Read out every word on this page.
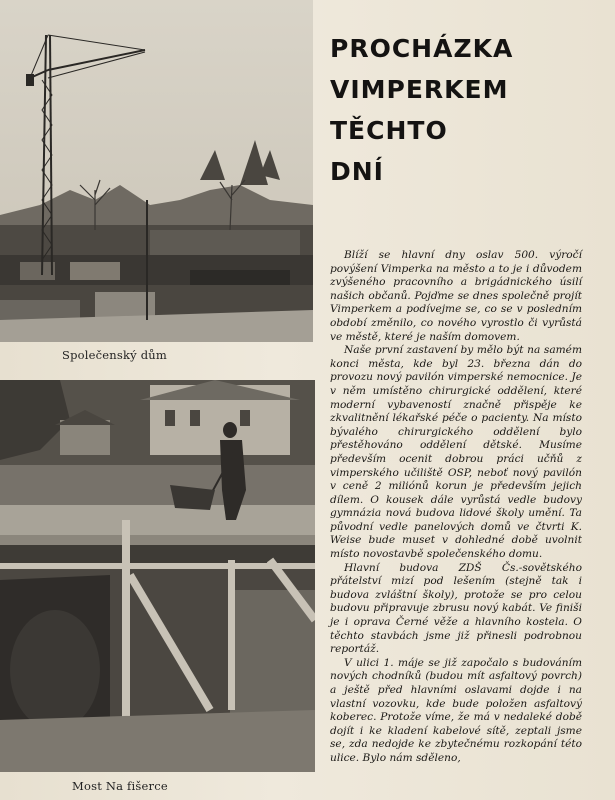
Společenský dům
Most Na fišerce
PROCHÁZKA
VIMPERKEM
TĚCHTO
DNÍ

Blíží se hlavní dny oslav 500. výročí povýšení Vimperka na město a to je i důvodem zvýšeného pracovního a brigádnického úsilí našich občanů. Pojďme se dnes společně projít Vimperkem a podívejme se, co se v posledním období změnilo, co nového vyrostlo či vyrůstá ve městě, které je naším domovem.

Naše první zastavení by mělo být na samém konci města, kde byl 23. března dán do provozu nový pavilón vimperské nemocnice. Je v něm umístěno chirurgické oddělení, které moderní vybaveností značně přispěje ke zkvalitnění lékařské péče o pacienty. Na místo bývalého chirurgického oddělení bylo přestěhováno oddělení dětské. Musíme především ocenit dobrou práci učňů z vimperského učiliště OSP, neboť nový pavilón v ceně 2 miliónů korun je především jejich dílem. O kousek dále vyrůstá vedle budovy gymnázia nová budova lidové školy umění. Ta původní vedle panelových domů ve čtvrti K. Weise bude muset v dohledné době uvolnit místo novostavbě společenského domu.

Hlavní budova ZDŠ Čs.-sovětského přátelství mizí pod lešením (stejně tak i budova zvláštní školy), protože se pro celou budovu připravuje zbrusu nový kabát. Ve finiši je i oprava Černé věže a hlavního kostela. O těchto stavbách jsme již přinesli podrobnou reportáž.

V ulici 1. máje se již započalo s budováním nových chodníků (budou mít asfaltový povrch) a ještě před hlavními oslavami dojde i na vlastní vozovku, kde bude položen asfaltový koberec. Protože víme, že má v nedaleké době dojít i ke kladení kabelové sítě, zeptali jsme se, zda nedojde ke zbytečnému rozkopání této ulice. Bylo nám sděleno,
